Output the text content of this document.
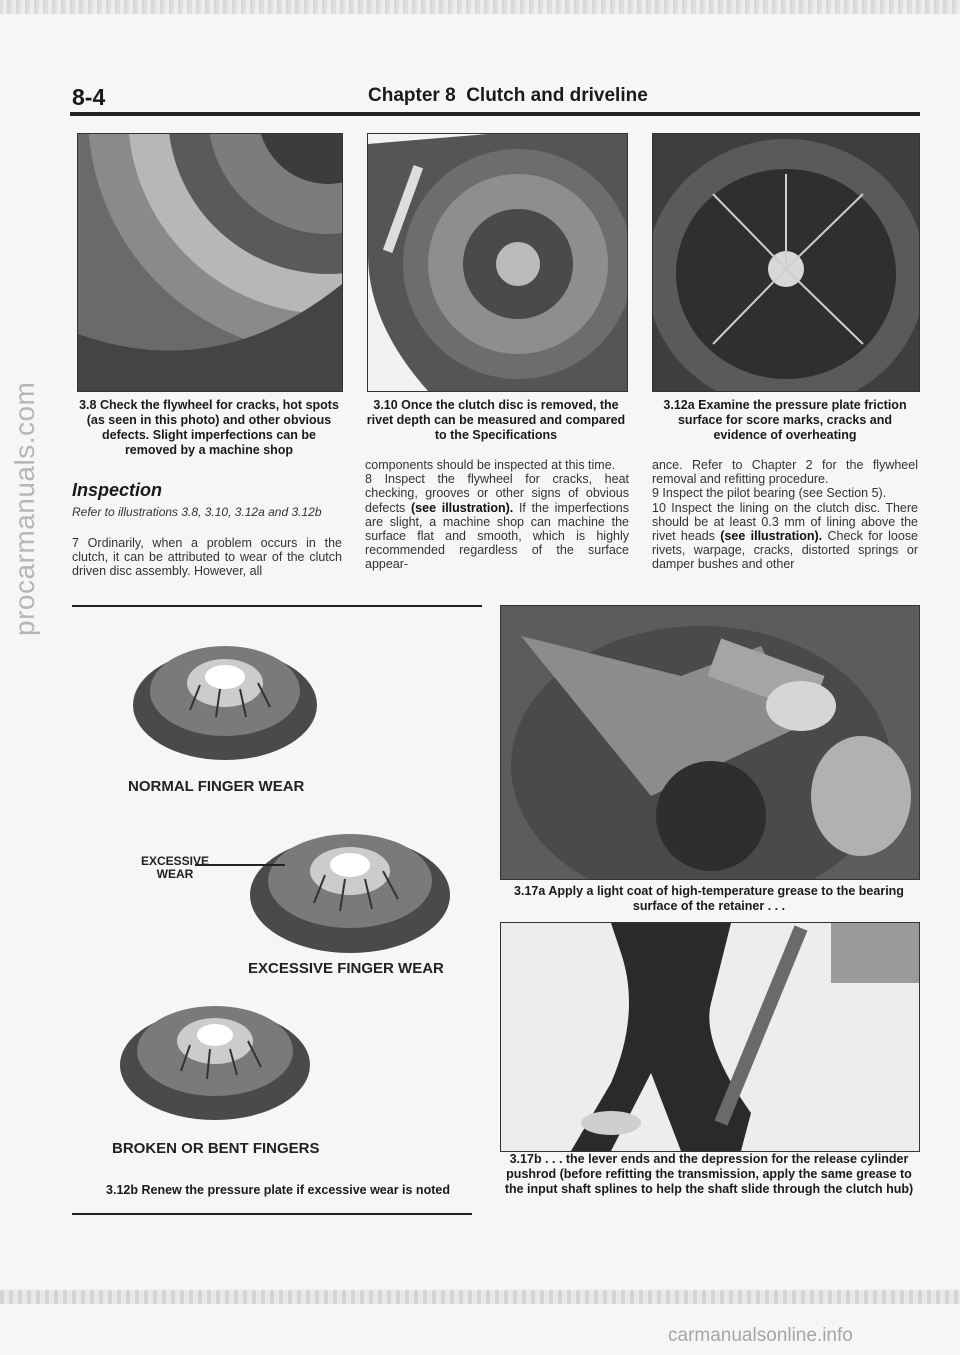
procarmanuals.com
8-4	Chapter 8  Clutch and driveline
3.8 Check the flywheel for cracks, hot spots (as seen in this photo) and other obvious defects. Slight imperfections can be removed by a machine shop
3.10 Once the clutch disc is removed, the rivet depth can be measured and compared to the Specifications
3.12a Examine the pressure plate friction surface for score marks, cracks and evidence of overheating
Inspection
Refer to illustrations 3.8, 3.10, 3.12a and 3.12b
7 Ordinarily, when a problem occurs in the clutch, it can be attributed to wear of the clutch driven disc assembly. However, all

components should be inspected at this time.

8 Inspect the flywheel for cracks, heat checking, grooves or other signs of obvious defects (see illustration). If the imperfections are slight, a machine shop can machine the surface flat and smooth, which is highly recommended regardless of the surface appear-

ance. Refer to Chapter 2 for the flywheel removal and refitting procedure.

9 Inspect the pilot bearing (see Section 5).

10 Inspect the lining on the clutch disc. There should be at least 0.3 mm of lining above the rivet heads (see illustration). Check for loose rivets, warpage, cracks, distorted springs or damper bushes and other

NORMAL FINGER WEAR
EXCESSIVE
WEAR
EXCESSIVE FINGER WEAR
BROKEN OR BENT FINGERS
3.12b Renew the pressure plate if excessive wear is noted
3.17a Apply a light coat of high-temperature grease to the bearing surface of the retainer . . .
3.17b . . . the lever ends and the depression for the release cylinder pushrod (before refitting the transmission, apply the same grease to the input shaft splines to help the shaft slide through the clutch hub)
carmanualsonline.info
